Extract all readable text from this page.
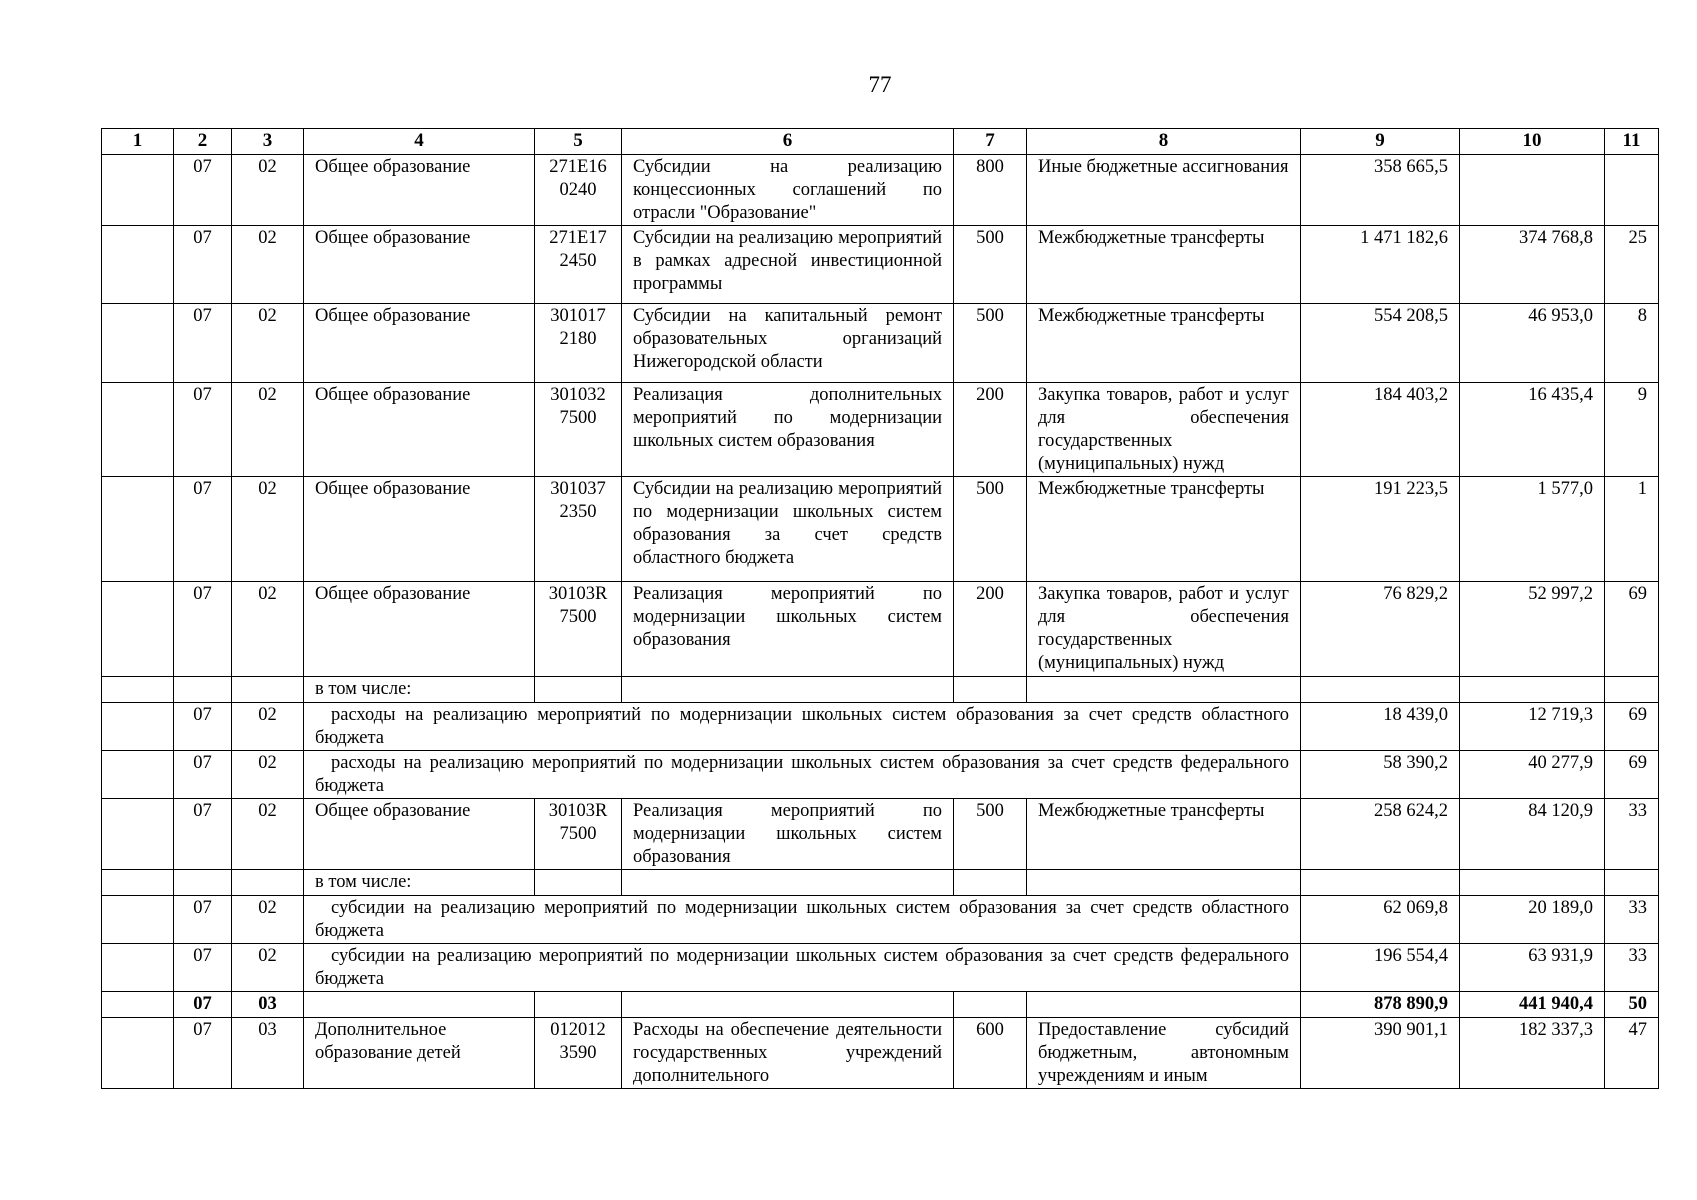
77
1	2	3	4	5	6	7	8	9	10	11
	07	02	Общее образование	271E16 0240	Субсидии на реализацию концессионных соглашений по отрасли "Образование"	800	Иные бюджетные ассигнования	358 665,5		
	07	02	Общее образование	271E17 2450	Субсидии на реализацию мероприятий в рамках адресной инвестиционной программы	500	Межбюджетные трансферты	1 471 182,6	374 768,8	25
	07	02	Общее образование	301017 2180	Субсидии на капитальный ремонт образовательных организаций Нижегородской области	500	Межбюджетные трансферты	554 208,5	46 953,0	8
	07	02	Общее образование	301032 7500	Реализация дополнительных мероприятий по модернизации школьных систем образования	200	Закупка товаров, работ и услуг для обеспечения государственных (муниципальных) нужд	184 403,2	16 435,4	9
	07	02	Общее образование	301037 2350	Субсидии на реализацию мероприятий по модернизации школьных систем образования за счет средств областного бюджета	500	Межбюджетные трансферты	191 223,5	1 577,0	1
	07	02	Общее образование	30103R 7500	Реализация мероприятий по модернизации школьных систем образования	200	Закупка товаров, работ и услуг для обеспечения государственных (муниципальных) нужд	76 829,2	52 997,2	69
			в том числе:							
	07	02	расходы на реализацию мероприятий по модернизации школьных систем образования за счет средств областного бюджета					18 439,0	12 719,3	69
	07	02	расходы на реализацию мероприятий по модернизации школьных систем образования за счет средств федерального бюджета					58 390,2	40 277,9	69
	07	02	Общее образование	30103R 7500	Реализация мероприятий по модернизации школьных систем образования	500	Межбюджетные трансферты	258 624,2	84 120,9	33
			в том числе:							
	07	02	субсидии на реализацию мероприятий по модернизации школьных систем образования за счет средств областного бюджета					62 069,8	20 189,0	33
	07	02	субсидии на реализацию мероприятий по модернизации школьных систем образования за счет средств федерального бюджета					196 554,4	63 931,9	33
	07	03						878 890,9	441 940,4	50
	07	03	Дополнительное образование детей	012012 3590	Расходы на обеспечение деятельности государственных учреждений дополнительного	600	Предоставление субсидий бюджетным, автономным учреждениям и иным	390 901,1	182 337,3	47
